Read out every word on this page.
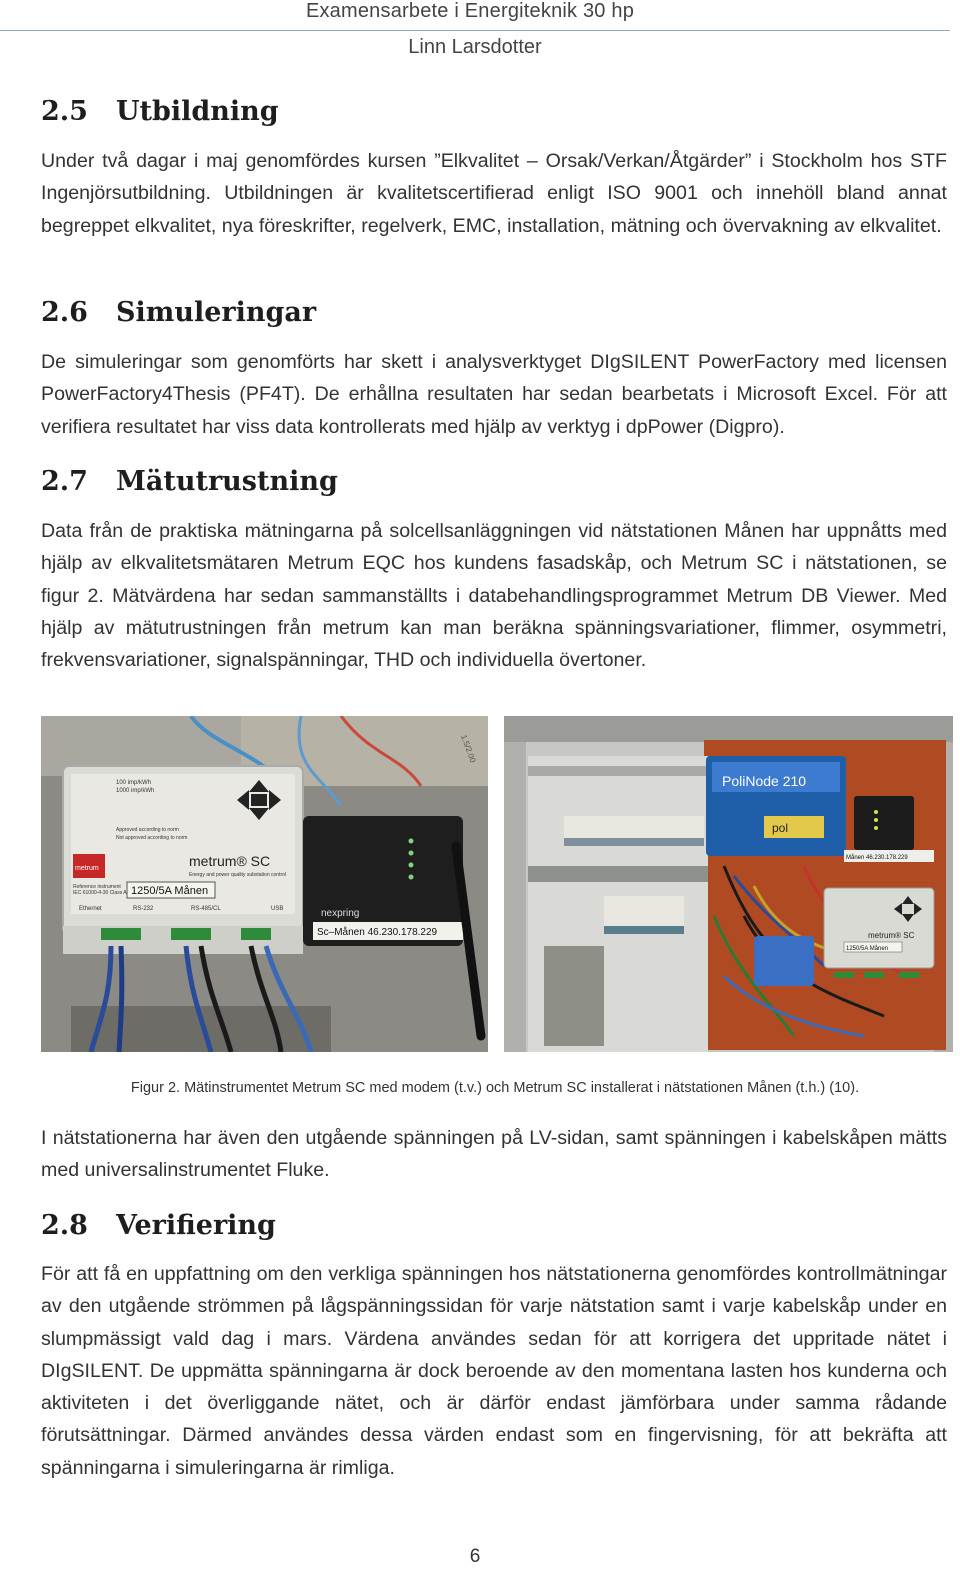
Examensarbete i Energiteknik 30 hp
Linn Larsdotter
2.5 Utbildning

Under två dagar i maj genomfördes kursen ”Elkvalitet – Orsak/Verkan/Åtgärder” i Stockholm hos STF Ingenjörsutbildning. Utbildningen är kvalitetscertifierad enligt ISO 9001 och innehöll bland annat begreppet elkvalitet, nya föreskrifter, regelverk, EMC, installation, mätning och övervakning av elkvalitet.

2.6 Simuleringar

De simuleringar som genomförts har skett i analysverktyget DIgSILENT PowerFactory med licensen PowerFactory4Thesis (PF4T). De erhållna resultaten har sedan bearbetats i Microsoft Excel. För att verifiera resultatet har viss data kontrollerats med hjälp av verktyg i dpPower (Digpro).

2.7 Mätutrustning

Data från de praktiska mätningarna på solcellsanläggningen vid nätstationen Månen har uppnåtts med hjälp av elkvalitetsmätaren Metrum EQC hos kundens fasadskåp, och Metrum SC i nätstationen, se figur 2. Mätvärdena har sedan sammanställts i databehandlingsprogrammet Metrum DB Viewer. Med hjälp av mätutrustningen från metrum kan man beräkna spänningsvariationer, flimmer, osymmetri, frekvensvariationer, signalspänningar, THD och individuella övertoner.

metrum
100 imp/kWh
1000 imp/kWh
Approved according to norm
Not approved according to norm
metrum® SC
Energy and power quality substation control
Reference instrument
IEC 61000-4-30 Class A 1250/5A Månen
Ethernet	RS-232	RS-485/CL	USB	nexpring
Sc–Månen 46.230.178.229
1.5/2.00
PoliNode 210
pol
Månen 46.230.178.229
metrum® SC
1250/5A Månen
Figur 2. Mätinstrumentet Metrum SC med modem (t.v.) och Metrum SC installerat i nätstationen Månen (t.h.) (10).

I nätstationerna har även den utgående spänningen på LV-sidan, samt spänningen i kabelskåpen mätts med universalinstrumentet Fluke.

2.8 Verifiering

För att få en uppfattning om den verkliga spänningen hos nätstationerna genomfördes kontrollmätningar av den utgående strömmen på lågspänningssidan för varje nätstation samt i varje kabelskåp under en slumpmässigt vald dag i mars. Värdena användes sedan för att korrigera det uppritade nätet i DIgSILENT. De uppmätta spänningarna är dock beroende av den momentana lasten hos kunderna och aktiviteten i det överliggande nätet, och är därför endast jämförbara under samma rådande förutsättningar. Därmed användes dessa värden endast som en fingervisning, för att bekräfta att spänningarna i simuleringarna är rimliga.

6
